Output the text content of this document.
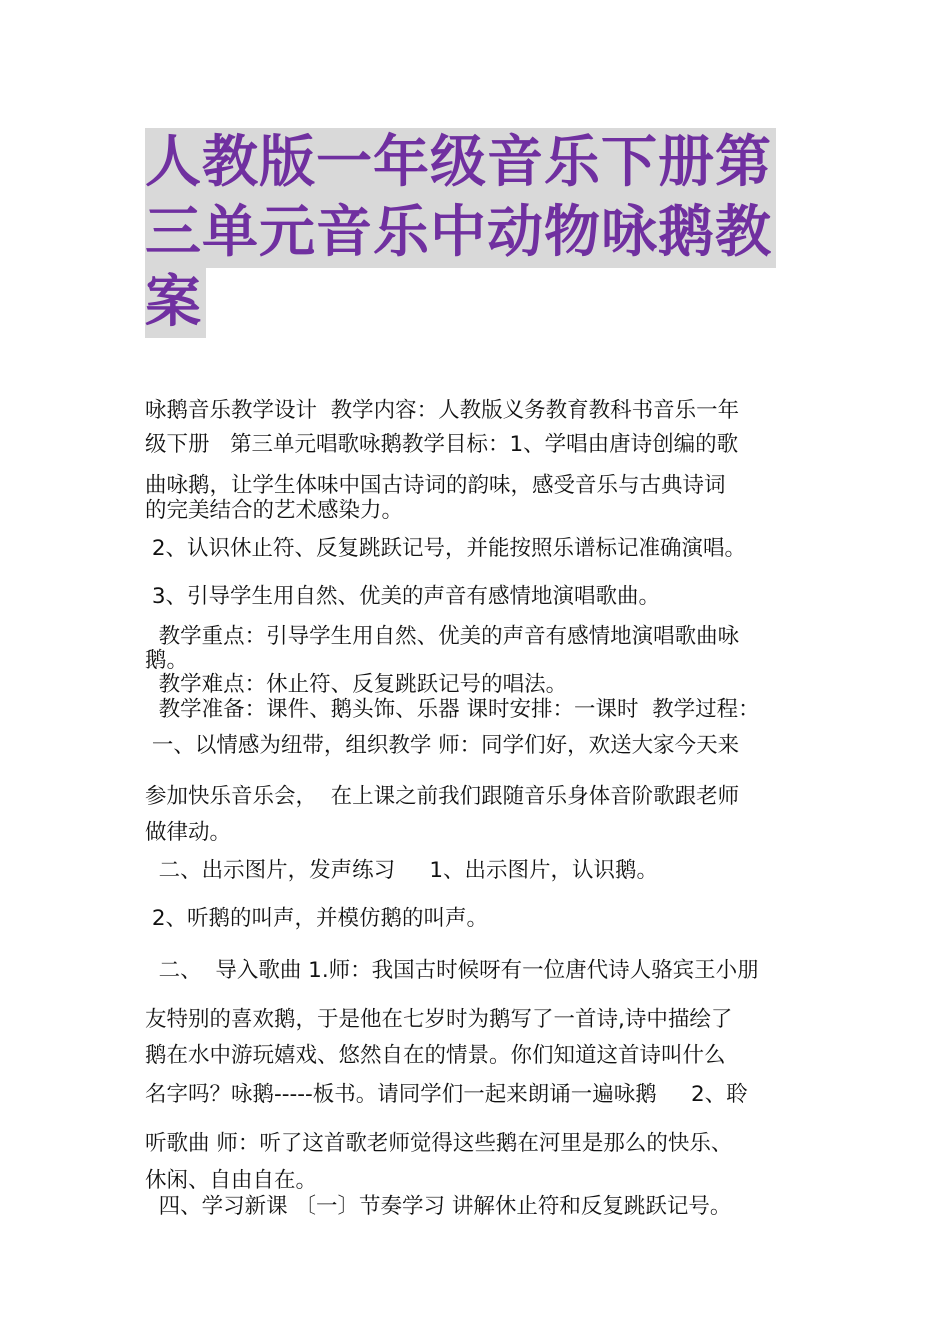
人教版一年级音乐下册第
三单元音乐中动物咏鹅教
案
咏鹅音乐教学设计  教学内容：人教版义务教育教科书音乐一年
级下册   第三单元唱歌咏鹅教学目标：1、学唱由唐诗创编的歌
曲咏鹅，让学生体味中国古诗词的韵味，感受音乐与古典诗词
的完美结合的艺术感染力。
2、认识休止符、反复跳跃记号，并能按照乐谱标记准确演唱。
3、引导学生用自然、优美的声音有感情地演唱歌曲。
教学重点：引导学生用自然、优美的声音有感情地演唱歌曲咏
鹅。
教学难点：休止符、反复跳跃记号的唱法。
教学准备：课件、鹅头饰、乐器 课时安排：一课时  教学过程：
一、以情感为纽带，组织教学 师：同学们好，欢送大家今天来
参加快乐音乐会，  在上课之前我们跟随音乐身体音阶歌跟老师
做律动。
二、出示图片，发声练习     1、出示图片，认识鹅。
2、听鹅的叫声，并模仿鹅的叫声。
二、  导入歌曲 1.师：我国古时候呀有一位唐代诗人骆宾王小朋
友特别的喜欢鹅，于是他在七岁时为鹅写了一首诗,诗中描绘了
鹅在水中游玩嬉戏、悠然自在的情景。你们知道这首诗叫什么
名字吗？咏鹅-----板书。请同学们一起来朗诵一遍咏鹅     2、聆
听歌曲 师：听了这首歌老师觉得这些鹅在河里是那么的快乐、
休闲、自由自在。
四、学习新课 〔一〕节奏学习 讲解休止符和反复跳跃记号。
